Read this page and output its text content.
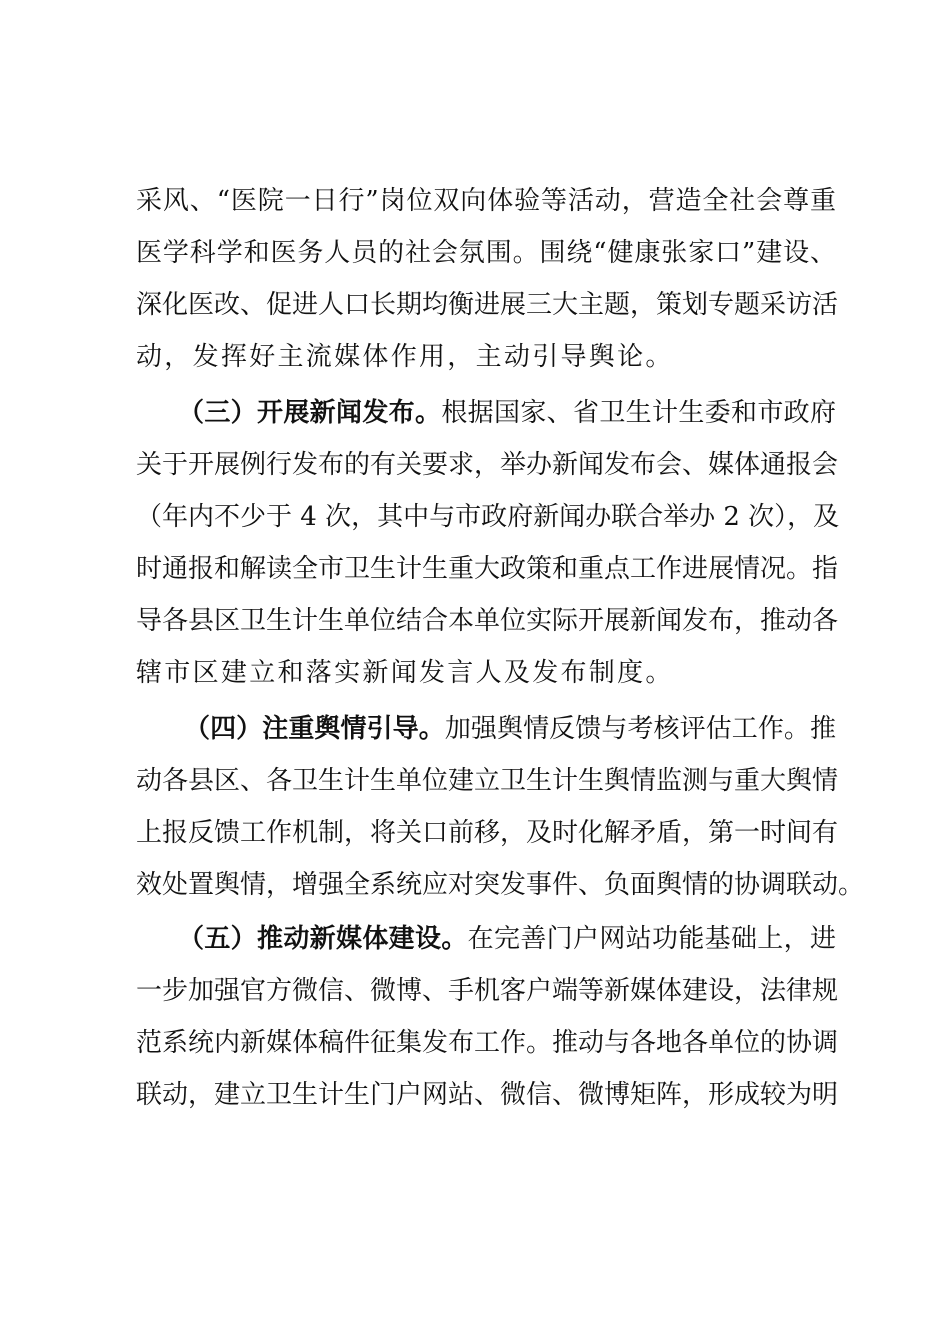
采风、“医院一日行”岗位双向体验等活动，营造全社会尊重
医学科学和医务人员的社会氛围。围绕“健康张家口”建设、
深化医改、促进人口长期均衡进展三大主题，策划专题采访活
动，发挥好主流媒体作用，主动引导舆论。
（三）开展新闻发布。根据国家、省卫生计生委和市政府
关于开展例行发布的有关要求，举办新闻发布会、媒体通报会
（年内不少于 4 次，其中与市政府新闻办联合举办 2 次），及
时通报和解读全市卫生计生重大政策和重点工作进展情况。指
导各县区卫生计生单位结合本单位实际开展新闻发布，推动各
辖市区建立和落实新闻发言人及发布制度。
（四）注重舆情引导。加强舆情反馈与考核评估工作。推
动各县区、各卫生计生单位建立卫生计生舆情监测与重大舆情
上报反馈工作机制，将关口前移，及时化解矛盾，第一时间有
效处置舆情，增强全系统应对突发事件、负面舆情的协调联动。
（五）推动新媒体建设。在完善门户网站功能基础上，进
一步加强官方微信、微博、手机客户端等新媒体建设，法律规
范系统内新媒体稿件征集发布工作。推动与各地各单位的协调
联动，建立卫生计生门户网站、微信、微博矩阵，形成较为明
